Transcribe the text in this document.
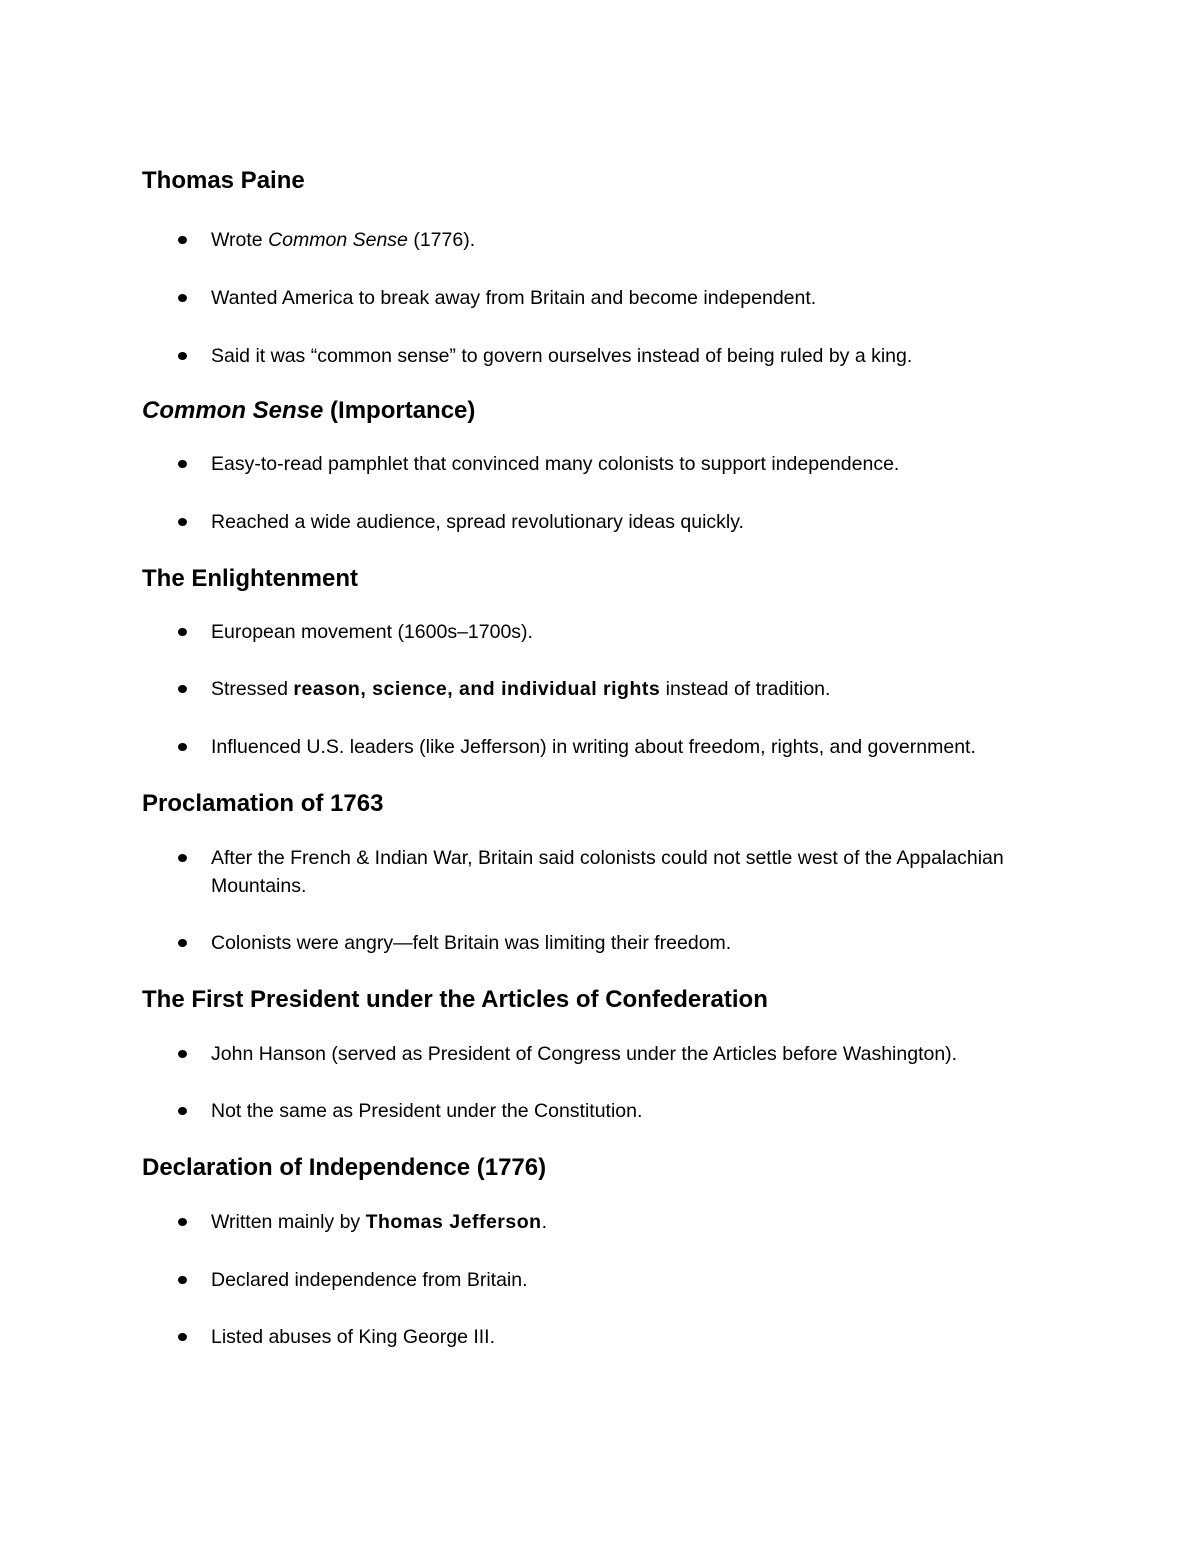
Thomas Paine
Wrote Common Sense (1776).
Wanted America to break away from Britain and become independent.
Said it was “common sense” to govern ourselves instead of being ruled by a king.
Common Sense (Importance)
Easy-to-read pamphlet that convinced many colonists to support independence.
Reached a wide audience, spread revolutionary ideas quickly.
The Enlightenment
European movement (1600s–1700s).
Stressed reason, science, and individual rights instead of tradition.
Influenced U.S. leaders (like Jefferson) in writing about freedom, rights, and government.
Proclamation of 1763
After the French & Indian War, Britain said colonists could not settle west of the Appalachian Mountains.
Colonists were angry—felt Britain was limiting their freedom.
The First President under the Articles of Confederation
John Hanson (served as President of Congress under the Articles before Washington).
Not the same as President under the Constitution.
Declaration of Independence (1776)
Written mainly by Thomas Jefferson.
Declared independence from Britain.
Listed abuses of King George III.
